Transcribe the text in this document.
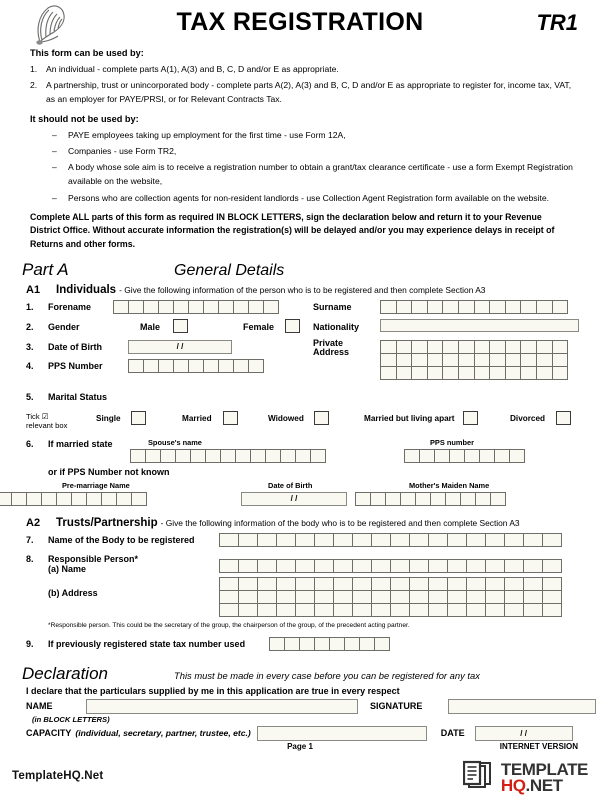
TAX REGISTRATION	TR1
This form can be used by:
1.	An individual - complete parts A(1), A(3) and B, C, D and/or E as appropriate.
2.	A partnership, trust or unincorporated body - complete parts A(2), A(3) and B, C, D and/or E as appropriate to register for, income tax, VAT, as an employer for PAYE/PRSI, or for Relevant Contracts Tax.
It should not be used by:
–	PAYE employees taking up employment for the first time - use Form 12A,
–	Companies - use Form TR2,
–	A body whose sole aim is to receive a registration number to obtain a grant/tax clearance certificate - use a form Exempt Registration available on the website,
–	Persons who are collection agents for non-resident landlords - use Collection Agent Registration form available on the website.
Complete ALL parts of this form as required IN BLOCK LETTERS, sign the declaration below and return it to your Revenue District Office. Without accurate information the registration(s) will be delayed and/or you may experience delays in receipt of Returns and other forms.
Part A	General Details
A1	Individuals - Give the following information of the person who is to be registered and then complete Section A3
1.	Forename	Surname
2.	Gender	Male	Female	Nationality
3.	Date of Birth	/ /	Private
Address
4.	PPS Number
5.	Marital Status
Tick ☑
relevant box
Single	Married	Widowed	Married but living apart	Divorced
6.	If married state	Spouse's name	PPS number
or if PPS Number not known
Pre-marriage Name	Date of Birth
/ /
Mother's Maiden Name
A2	Trusts/Partnership - Give the following information of the body who is to be registered and then complete Section A3
7.	Name of the Body to be registered
8.	Responsible Person*
(a) Name
(b) Address
*Responsible person. This could be the secretary of the group, the chairperson of the group, of the precedent acting partner.
9.	If previously registered state tax number used
Declaration	This must be made in every case before you can be registered for any tax
I declare that the particulars supplied by me in this application are true in every respect
NAME	SIGNATURE
(in BLOCK LETTERS)
CAPACITY (individual, secretary, partner, trustee, etc.)	DATE	/ /
Page 1	INTERNET VERSION
TemplateHQ.Net	TEMPLATE
HQ.NET
